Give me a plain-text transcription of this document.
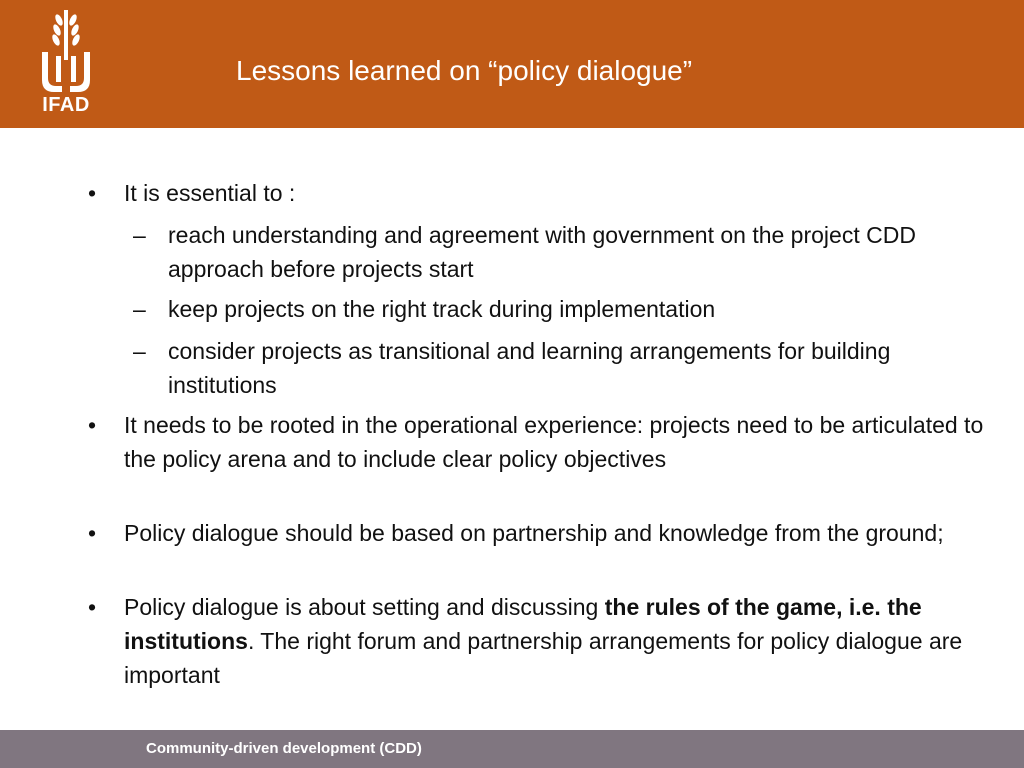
IFAD
Lessons learned on “policy dialogue”
• It is essential to :
– reach understanding and agreement with government on the project CDD approach before projects start
– keep projects on the right track during implementation
– consider projects as transitional and learning arrangements for building institutions
• It needs to be rooted in the operational experience: projects need to be articulated to the policy arena and to include clear policy objectives
• Policy dialogue should be based on partnership and knowledge from the ground;
• Policy dialogue is about setting and discussing the rules of the game, i.e. the institutions. The right forum and partnership arrangements for policy dialogue are important
Community-driven development (CDD)
